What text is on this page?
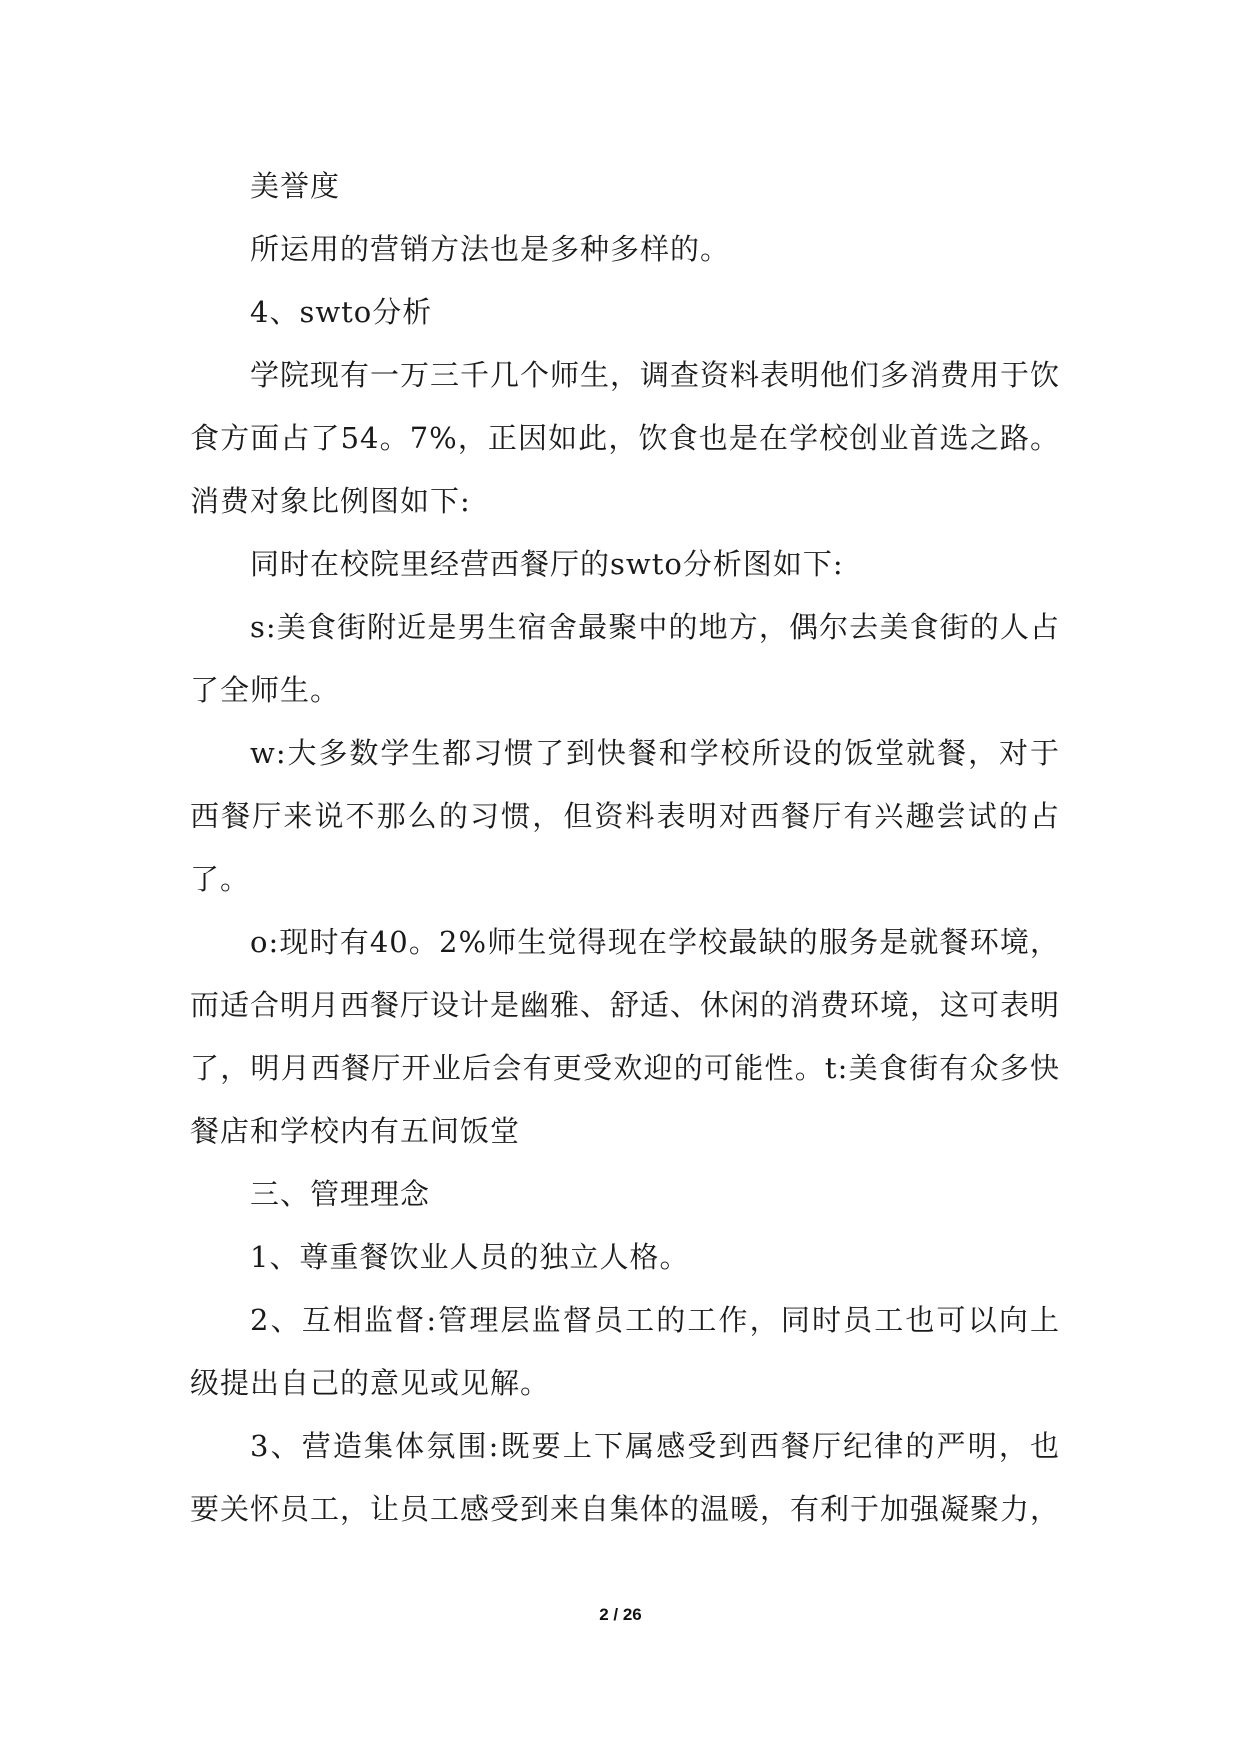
美誉度

所运用的营销方法也是多种多样的。

4、swto分析

学院现有一万三千几个师生，调查资料表明他们多消费用于饮食方面占了54。7%，正因如此，饮食也是在学校创业首选之路。消费对象比例图如下:

同时在校院里经营西餐厅的swto分析图如下:

s:美食街附近是男生宿舍最聚中的地方，偶尔去美食街的人占了全师生。

w:大多数学生都习惯了到快餐和学校所设的饭堂就餐，对于西餐厅来说不那么的习惯，但资料表明对西餐厅有兴趣尝试的占了。

o:现时有40。2%师生觉得现在学校最缺的服务是就餐环境，而适合明月西餐厅设计是幽雅、舒适、休闲的消费环境，这可表明了，明月西餐厅开业后会有更受欢迎的可能性。t:美食街有众多快餐店和学校内有五间饭堂

三、管理理念

1、尊重餐饮业人员的独立人格。

2、互相监督:管理层监督员工的工作，同时员工也可以向上级提出自己的意见或见解。

3、营造集体氛围:既要上下属感受到西餐厅纪律的严明，也要关怀员工，让员工感受到来自集体的温暖，有利于加强凝聚力，

2 / 26
